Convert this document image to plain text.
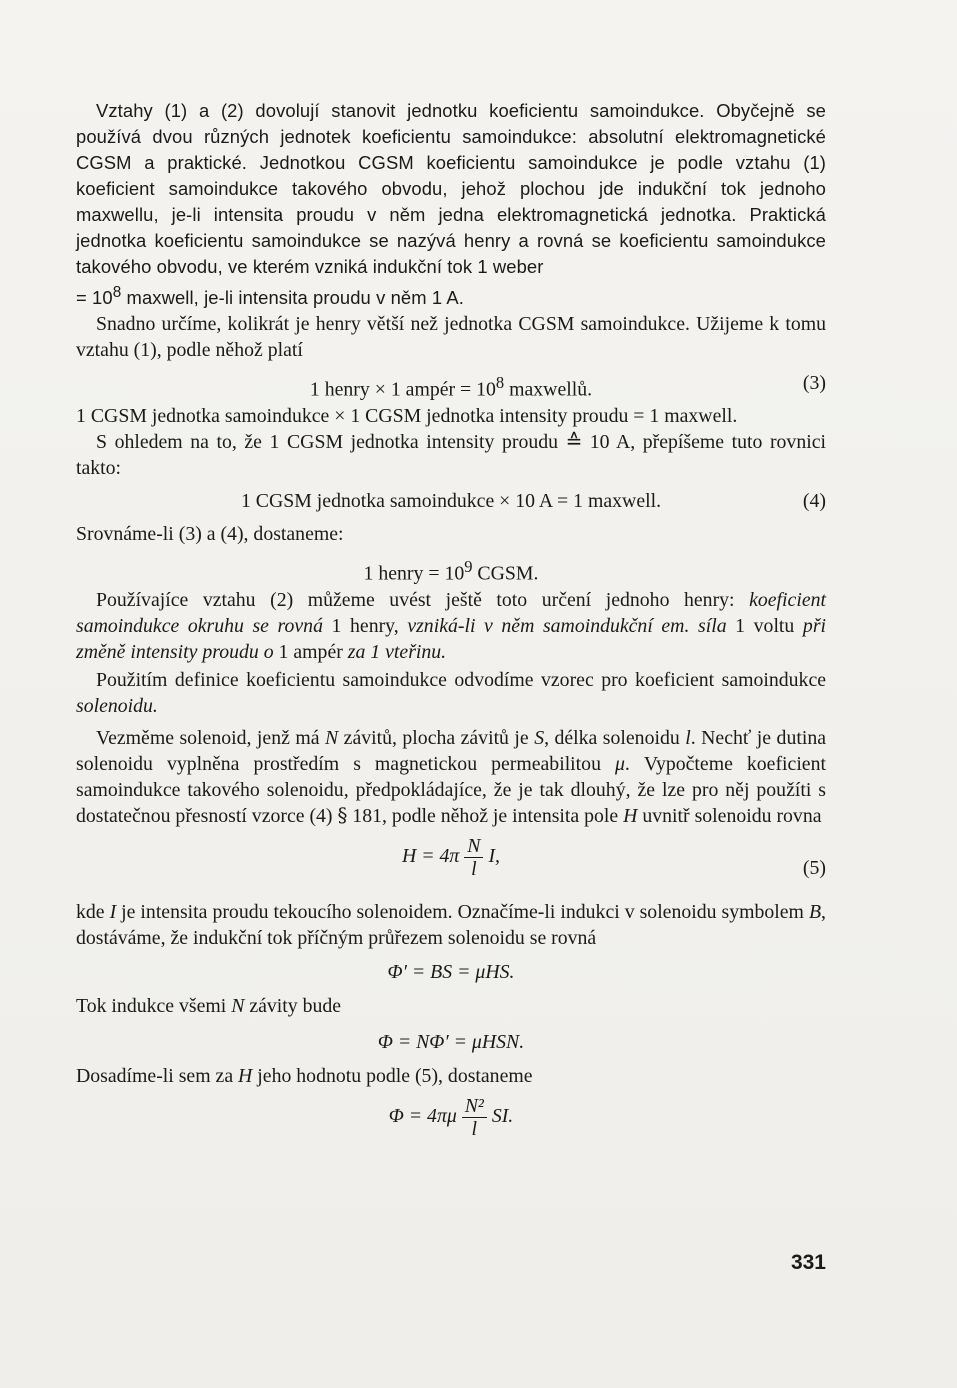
Vztahy (1) a (2) dovolují stanovit jednotku koeficientu samoindukce. Obyčejně se používá dvou různých jednotek koeficientu samoindukce: absolutní elektromagnetické CGSM a praktické. Jednotkou CGSM koeficientu samoindukce je podle vztahu (1) koeficient samoindukce takového obvodu, jehož plochou jde indukční tok jednoho maxwellu, je-li intensita proudu v něm jedna elektromagnetická jednotka. Praktická jednotka koeficientu samoindukce se nazývá henry a rovná se koeficientu samoindukce takového obvodu, ve kterém vzniká indukční tok 1 weber
= $10^8$ maxwell, je-li intensita proudu v něm 1 A.

Snadno určíme, kolikrát je henry větší než jednotka CGSM samoindukce. Užijeme k tomu vztahu (1), podle něhož platí

1 henry × 1 ampér = $10^8$ maxwellů.	(3)

1 CGSM jednotka samoindukce × 1 CGSM jednotka intensity proudu = 1 maxwell.

S ohledem na to, že 1 CGSM jednotka intensity proudu ≙ 10 A, přepíšeme tuto rovnici takto:

1 CGSM jednotka samoindukce × 10 A = 1 maxwell.	(4)

Srovnáme-li (3) a (4), dostaneme:

1 henry = $10^9$ CGSM.

Používajíce vztahu (2) můžeme uvést ještě toto určení jednoho henry: koeficient samoindukce okruhu se rovná 1 henry, vzniká-li v něm samoindukční em. síla 1 voltu při změně intensity proudu o 1 ampér za 1 vteřinu.

Použitím definice koeficientu samoindukce odvodíme vzorec pro koeficient samoindukce solenoidu.

Vezměme solenoid, jenž má N závitů, plocha závitů je S, délka solenoidu l. Nechť je dutina solenoidu vyplněna prostředím s magnetickou permeabilitou μ. Vypočteme koeficient samoindukce takového solenoidu, předpokládajíce, že je tak dlouhý, že lze pro něj použíti s dostatečnou přesností vzorce (4) § 181, podle něhož je intensita pole H uvnitř solenoidu rovna

$H = 4\pi \frac{N}{l} I$,
(5)

kde I je intensita proudu tekoucího solenoidem. Označíme-li indukci v solenoidu symbolem B, dostáváme, že indukční tok příčným průřezem solenoidu se rovná

Φ′ = BS = μHS.

Tok indukce všemi N závity bude

Φ = NΦ′ = μHSN.

Dosadíme-li sem za H jeho hodnotu podle (5), dostaneme

$\Phi = 4\pi\mu \frac{\text{N²}}{l}$ SI.
331
